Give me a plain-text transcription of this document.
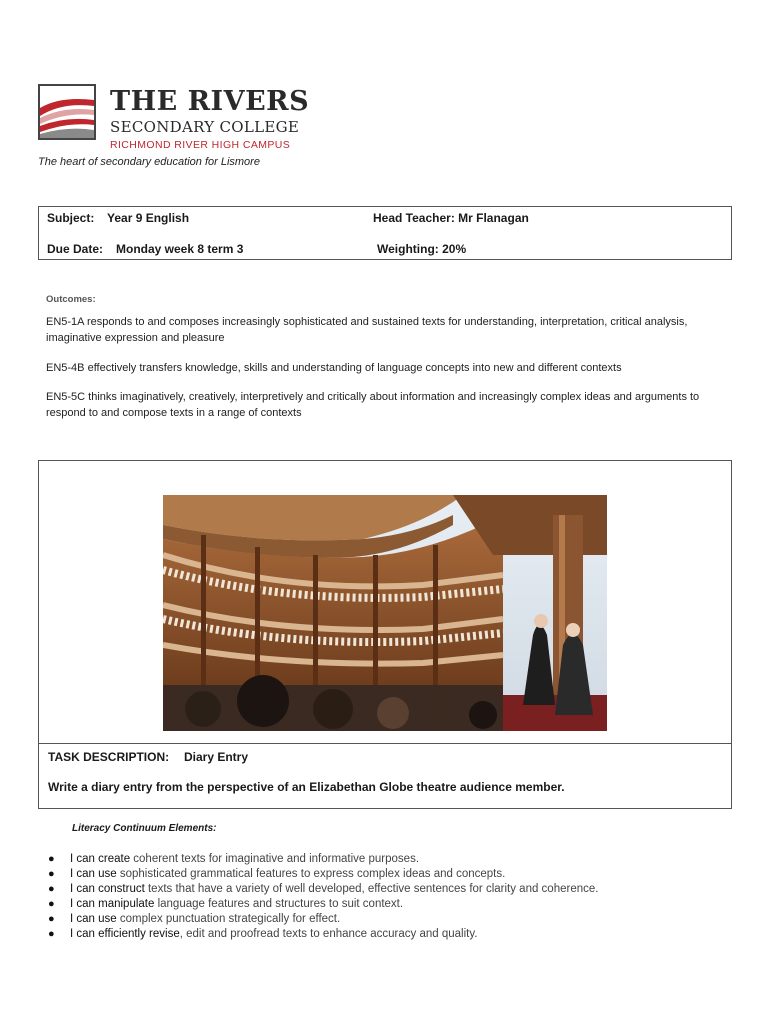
THE RIVERS
SECONDARY COLLEGE
RICHMOND RIVER HIGH CAMPUS
The heart of secondary education for Lismore
Subject: Year 9 English	Head Teacher: Mr Flanagan
Due Date: Monday week 8 term 3	Weighting: 20%
Outcomes:
EN5-1A responds to and composes increasingly sophisticated and sustained texts for understanding, interpretation, critical analysis, imaginative expression and pleasure
EN5-4B effectively transfers knowledge, skills and understanding of language concepts into new and different contexts
EN5-5C thinks imaginatively, creatively, interpretively and critically about information and increasingly complex ideas and arguments to respond to and compose texts in a range of contexts
TASK DESCRIPTION: Diary Entry
Write a diary entry from the perspective of an Elizabethan Globe theatre audience member.
Literacy Continuum Elements:
● I can create coherent texts for imaginative and informative purposes.
● I can use sophisticated grammatical features to express complex ideas and concepts.
● I can construct texts that have a variety of well developed, effective sentences for clarity and coherence.
● I can manipulate language features and structures to suit context.
● I can use complex punctuation strategically for effect.
● I can efficiently revise, edit and proofread texts to enhance accuracy and quality.
